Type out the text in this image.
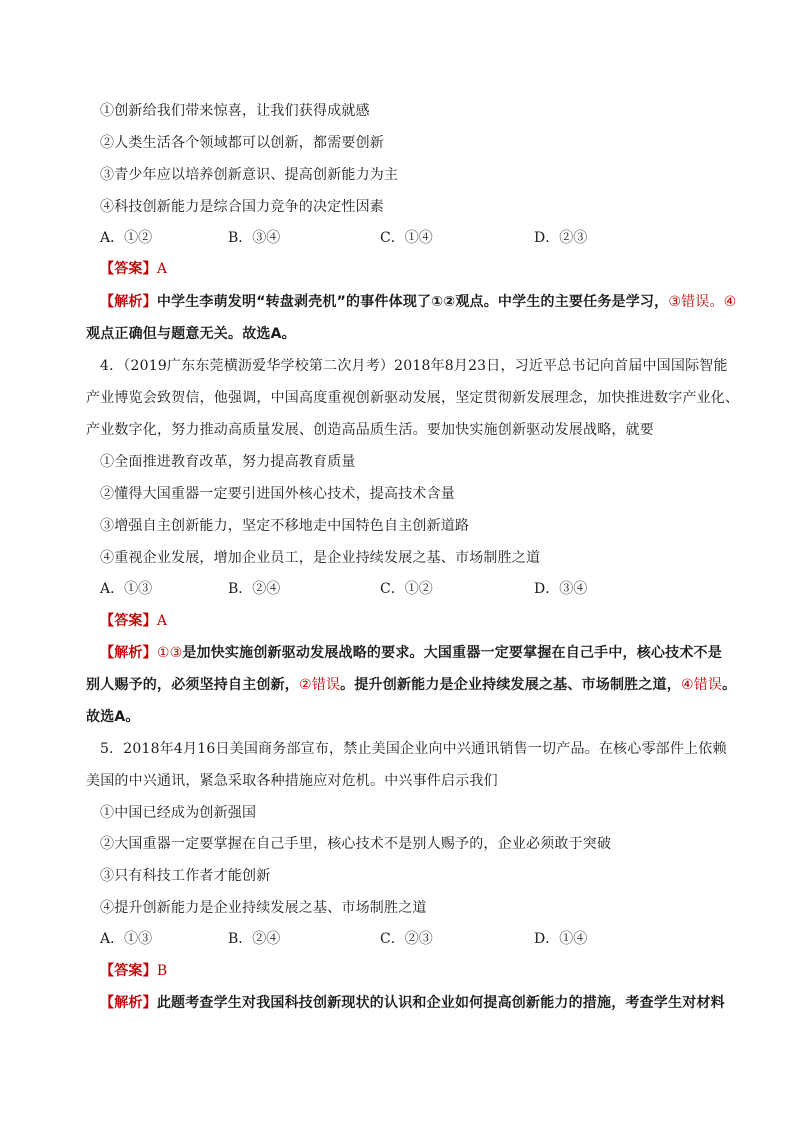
①创新给我们带来惊喜，让我们获得成就感
②人类生活各个领域都可以创新，都需要创新
③青少年应以培养创新意识、提高创新能力为主
④科技创新能力是综合国力竞争的决定性因素
A．①②	B．③④	C．①④	D．②③
【答案】A
【解析】中学生李萌发明“转盘剥壳机”的事件体现了①②观点。中学生的主要任务是学习，③错误。④
观点正确但与题意无关。故选A。
4．（2019广东东莞横沥爱华学校第二次月考）2018年8月23日，习近平总书记向首届中国国际智能
产业博览会致贺信，他强调，中国高度重视创新驱动发展，坚定贯彻新发展理念，加快推进数字产业化、
产业数字化，努力推动高质量发展、创造高品质生活。要加快实施创新驱动发展战略，就要
①全面推进教育改革，努力提高教育质量
②懂得大国重器一定要引进国外核心技术，提高技术含量
③增强自主创新能力，坚定不移地走中国特色自主创新道路
④重视企业发展，增加企业员工，是企业持续发展之基、市场制胜之道
A．①③	B．②④	C．①②	D．③④
【答案】A
【解析】①③是加快实施创新驱动发展战略的要求。大国重器一定要掌握在自己手中，核心技术不是
别人赐予的，必须坚持自主创新，②错误。提升创新能力是企业持续发展之基、市场制胜之道，④错误。
故选A。
5．2018年4月16日美国商务部宣布，禁止美国企业向中兴通讯销售一切产品。在核心零部件上依赖
美国的中兴通讯，紧急采取各种措施应对危机。中兴事件启示我们
①中国已经成为创新强国
②大国重器一定要掌握在自己手里，核心技术不是别人赐予的，企业必须敢于突破
③只有科技工作者才能创新
④提升创新能力是企业持续发展之基、市场制胜之道
A．①③	B．②④	C．②③	D．①④
【答案】B
【解析】此题考查学生对我国科技创新现状的认识和企业如何提高创新能力的措施，考查学生对材料
